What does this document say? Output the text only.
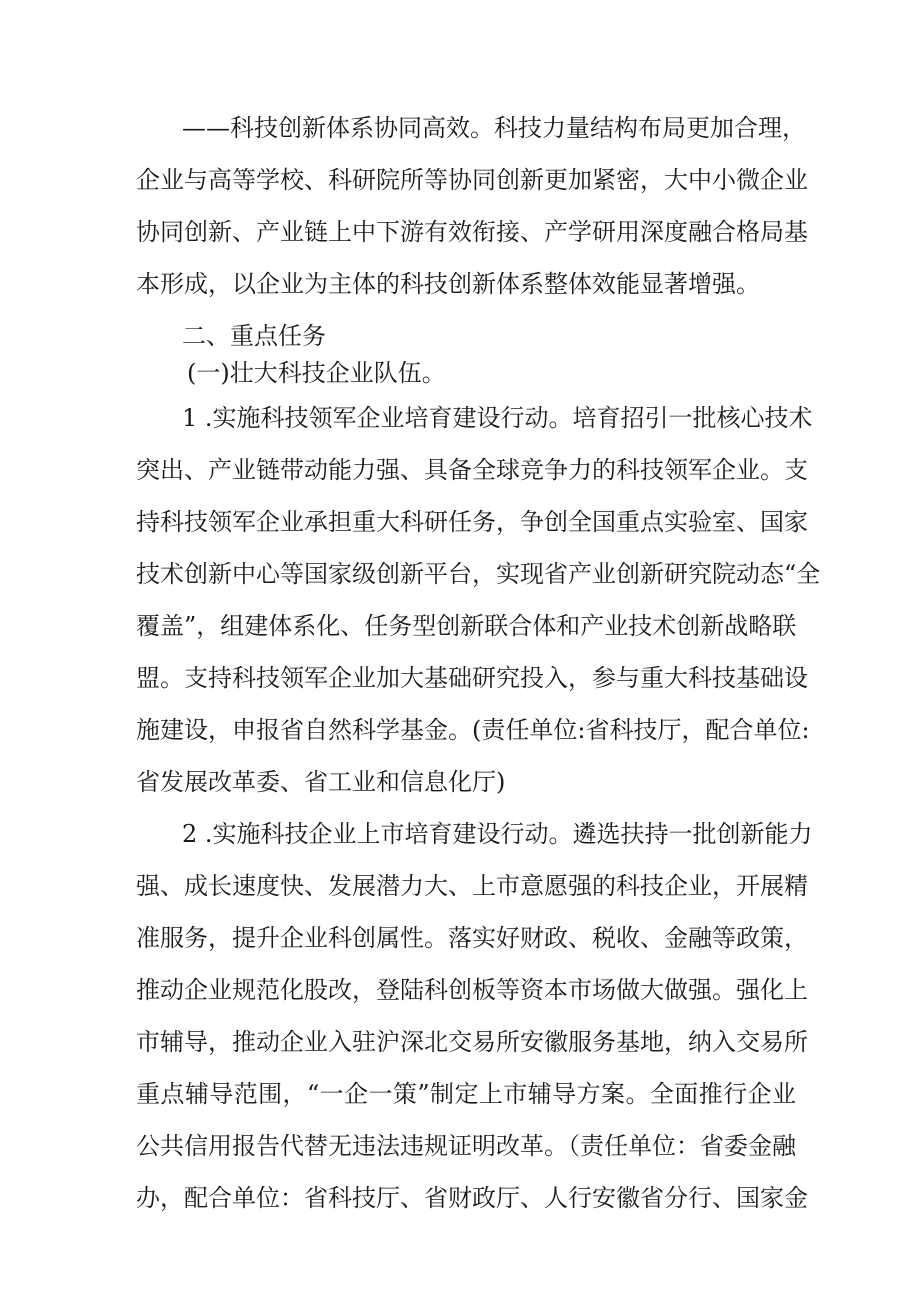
——科技创新体系协同高效。科技力量结构布局更加合理，
企业与高等学校、科研院所等协同创新更加紧密，大中小微企业
协同创新、产业链上中下游有效衔接、产学研用深度融合格局基
本形成，以企业为主体的科技创新体系整体效能显著增强。
二、重点任务
(一)壮大科技企业队伍。
1 .实施科技领军企业培育建设行动。培育招引一批核心技术
突出、产业链带动能力强、具备全球竞争力的科技领军企业。支
持科技领军企业承担重大科研任务，争创全国重点实验室、国家
技术创新中心等国家级创新平台，实现省产业创新研究院动态“全
覆盖”，组建体系化、任务型创新联合体和产业技术创新战略联
盟。支持科技领军企业加大基础研究投入，参与重大科技基础设
施建设，申报省自然科学基金。(责任单位:省科技厅，配合单位:
省发展改革委、省工业和信息化厅)
2 .实施科技企业上市培育建设行动。遴选扶持一批创新能力
强、成长速度快、发展潜力大、上市意愿强的科技企业，开展精
准服务，提升企业科创属性。落实好财政、税收、金融等政策，
推动企业规范化股改，登陆科创板等资本市场做大做强。强化上
市辅导，推动企业入驻沪深北交易所安徽服务基地，纳入交易所
重点辅导范围，“一企一策”制定上市辅导方案。全面推行企业
公共信用报告代替无违法违规证明改革。（责任单位：省委金融
办，配合单位：省科技厅、省财政厅、人行安徽省分行、国家金
